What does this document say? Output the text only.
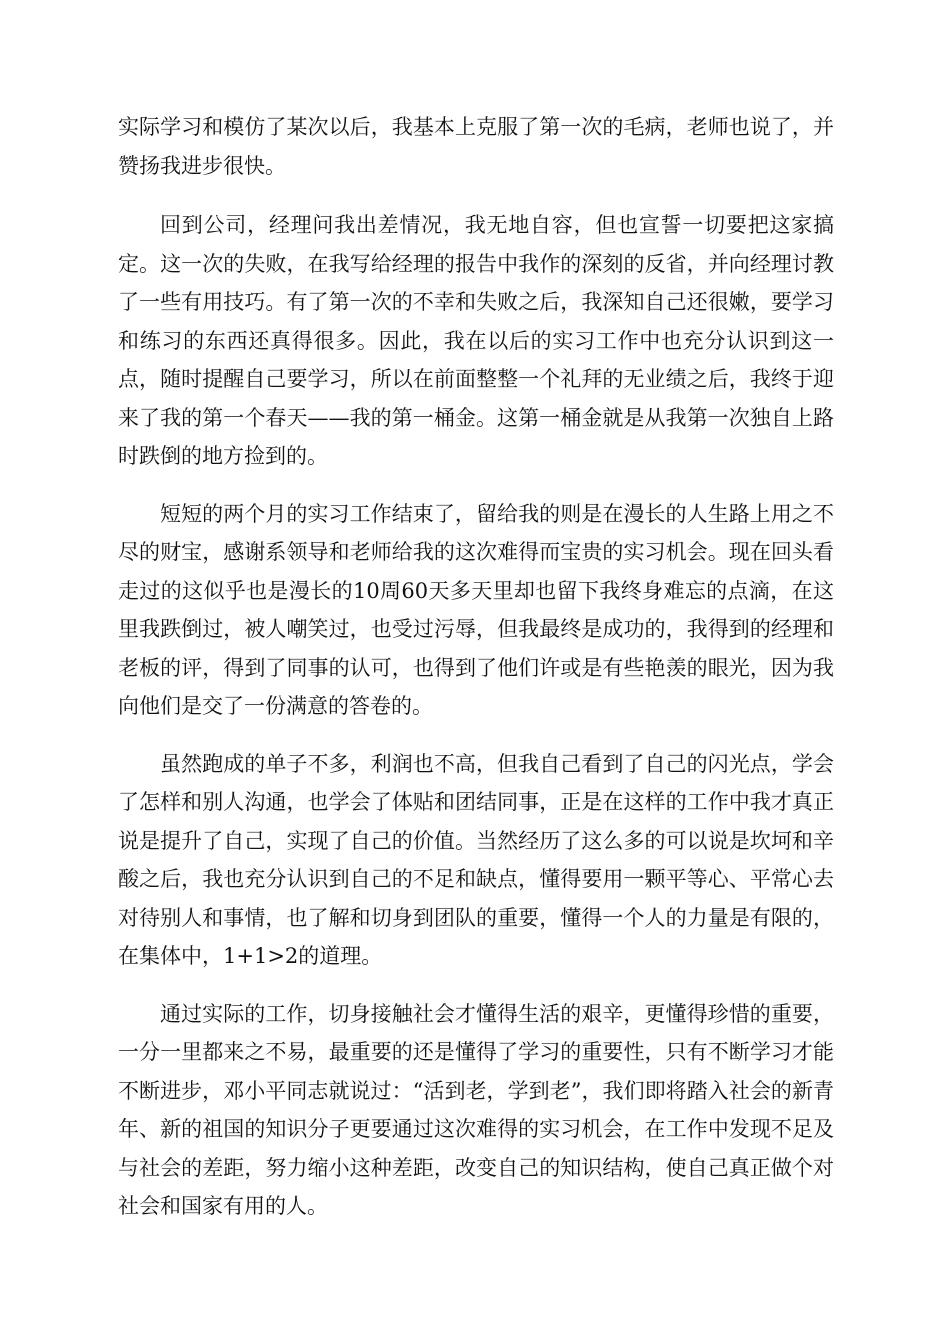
实际学习和模仿了某次以后，我基本上克服了第一次的毛病，老师也说了，并赞扬我进步很快。

回到公司，经理问我出差情况，我无地自容，但也宣誓一切要把这家搞定。这一次的失败，在我写给经理的报告中我作的深刻的反省，并向经理讨教了一些有用技巧。有了第一次的不幸和失败之后，我深知自己还很嫩，要学习和练习的东西还真得很多。因此，我在以后的实习工作中也充分认识到这一点，随时提醒自己要学习，所以在前面整整一个礼拜的无业绩之后，我终于迎来了我的第一个春天——我的第一桶金。这第一桶金就是从我第一次独自上路时跌倒的地方捡到的。

短短的两个月的实习工作结束了，留给我的则是在漫长的人生路上用之不尽的财宝，感谢系领导和老师给我的这次难得而宝贵的实习机会。现在回头看走过的这似乎也是漫长的10周60天多天里却也留下我终身难忘的点滴，在这里我跌倒过，被人嘲笑过，也受过污辱，但我最终是成功的，我得到的经理和老板的评，得到了同事的认可，也得到了他们许或是有些艳羡的眼光，因为我向他们是交了一份满意的答卷的。

虽然跑成的单子不多，利润也不高，但我自己看到了自己的闪光点，学会了怎样和别人沟通，也学会了体贴和团结同事，正是在这样的工作中我才真正说是提升了自己，实现了自己的价值。当然经历了这么多的可以说是坎坷和辛酸之后，我也充分认识到自己的不足和缺点，懂得要用一颗平等心、平常心去对待别人和事情，也了解和切身到团队的重要，懂得一个人的力量是有限的，在集体中，1+1>2的道理。

通过实际的工作，切身接触社会才懂得生活的艰辛，更懂得珍惜的重要，一分一里都来之不易，最重要的还是懂得了学习的重要性，只有不断学习才能不断进步，邓小平同志就说过：“活到老，学到老”，我们即将踏入社会的新青年、新的祖国的知识分子更要通过这次难得的实习机会，在工作中发现不足及与社会的差距，努力缩小这种差距，改变自己的知识结构，使自己真正做个对社会和国家有用的人。
